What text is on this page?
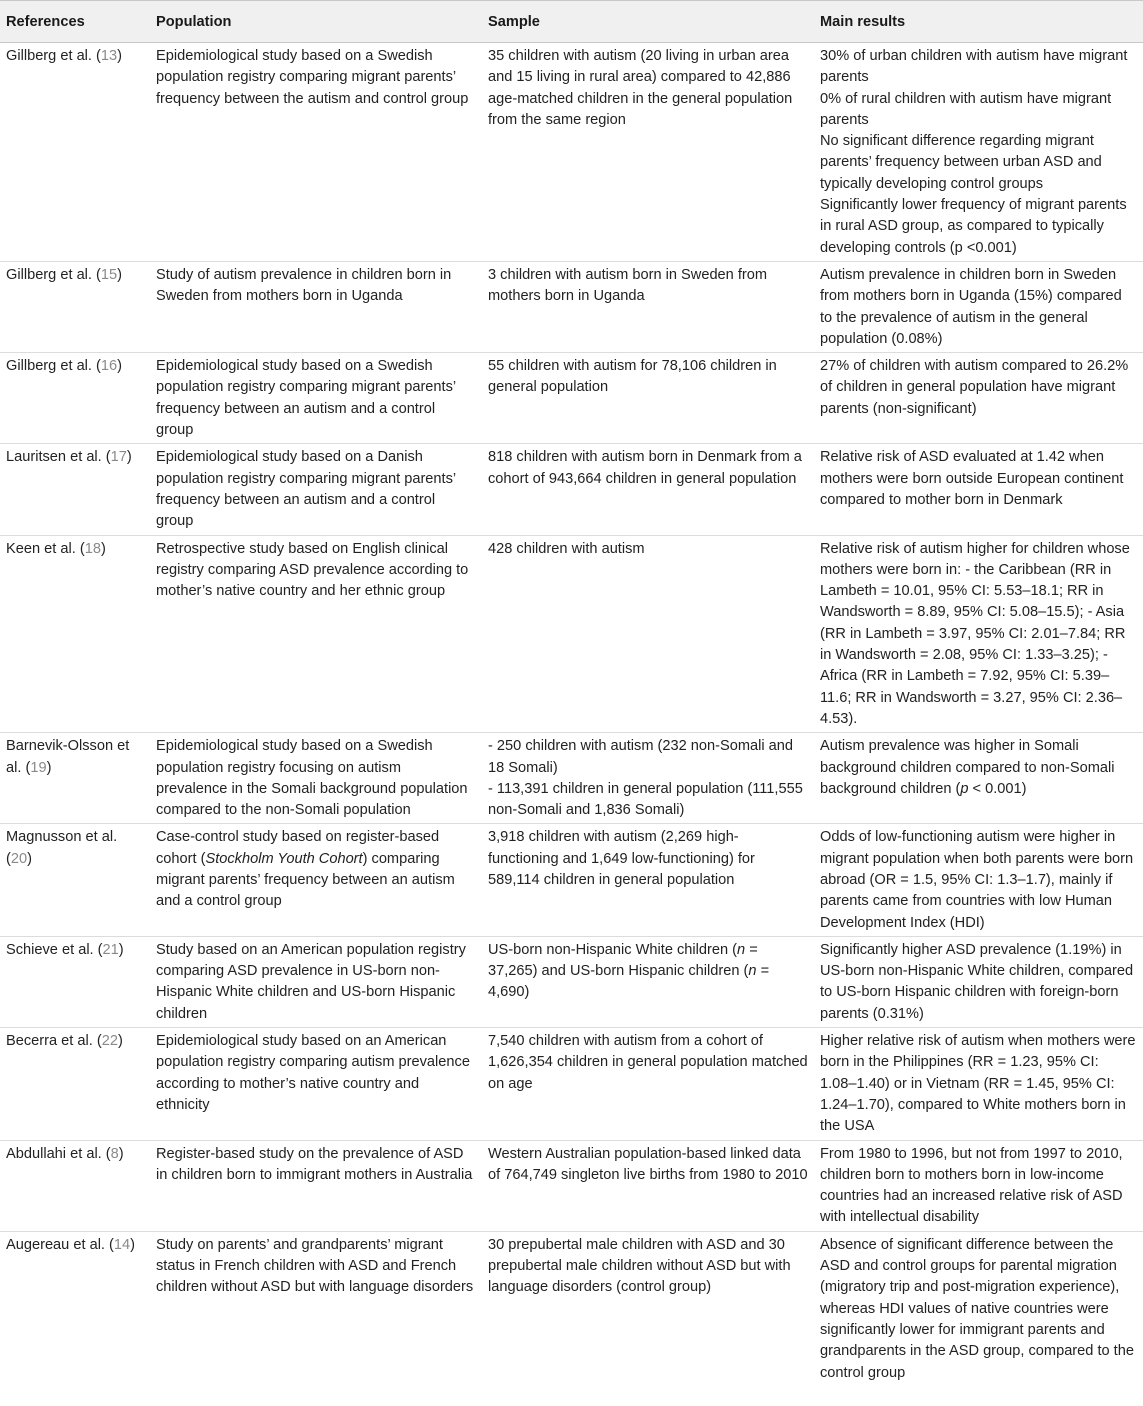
References	Population	Sample	Main results
Gillberg et al. (13)	Epidemiological study based on a Swedish population registry comparing migrant parents’ frequency between the autism and control group	35 children with autism (20 living in urban area and 15 living in rural area) compared to 42,886 age-matched children in the general population from the same region	30% of urban children with autism have migrant parents
0% of rural children with autism have migrant parents
No significant difference regarding migrant parents’ frequency between urban ASD and typically developing control groups
Significantly lower frequency of migrant parents in rural ASD group, as compared to typically developing controls (p <0.001)

Gillberg et al. (15)	Study of autism prevalence in children born in Sweden from mothers born in Uganda	3 children with autism born in Sweden from mothers born in Uganda	Autism prevalence in children born in Sweden from mothers born in Uganda (15%) compared to the prevalence of autism in the general population (0.08%)
Gillberg et al. (16)	Epidemiological study based on a Swedish population registry comparing migrant parents’ frequency between an autism and a control group	55 children with autism for 78,106 children in general population	27% of children with autism compared to 26.2% of children in general population have migrant parents (non-significant)
Lauritsen et al. (17)	Epidemiological study based on a Danish population registry comparing migrant parents’ frequency between an autism and a control group	818 children with autism born in Denmark from a cohort of 943,664 children in general population	Relative risk of ASD evaluated at 1.42 when mothers were born outside European continent compared to mother born in Denmark
Keen et al. (18)	Retrospective study based on English clinical registry comparing ASD prevalence according to mother’s native country and her ethnic group	428 children with autism	Relative risk of autism higher for children whose mothers were born in: - the Caribbean (RR in Lambeth = 10.01, 95% CI: 5.53–18.1; RR in Wandsworth = 8.89, 95% CI: 5.08–15.5); - Asia (RR in Lambeth = 3.97, 95% CI: 2.01–7.84; RR in Wandsworth = 2.08, 95% CI: 1.33–3.25); - Africa (RR in Lambeth = 7.92, 95% CI: 5.39–11.6; RR in Wandsworth = 3.27, 95% CI: 2.36–4.53).
Barnevik-Olsson et al. (19)	Epidemiological study based on a Swedish population registry focusing on autism prevalence in the Somali background population compared to the non-Somali population	- 250 children with autism (232 non-Somali and 18 Somali)
- 113,391 children in general population (111,555 non-Somali and 1,836 Somali)	Autism prevalence was higher in Somali background children compared to non-Somali background children (p < 0.001)
Magnusson et al. (20)	Case-control study based on register-based cohort (Stockholm Youth Cohort) comparing migrant parents’ frequency between an autism and a control group	3,918 children with autism (2,269 high-functioning and 1,649 low-functioning) for 589,114 children in general population	Odds of low-functioning autism were higher in migrant population when both parents were born abroad (OR = 1.5, 95% CI: 1.3–1.7), mainly if parents came from countries with low Human Development Index (HDI)
Schieve et al. (21)	Study based on an American population registry comparing ASD prevalence in US-born non-Hispanic White children and US-born Hispanic children	US-born non-Hispanic White children (n = 37,265) and US-born Hispanic children (n = 4,690)	Significantly higher ASD prevalence (1.19%) in US-born non-Hispanic White children, compared to US-born Hispanic children with foreign-born parents (0.31%)
Becerra et al. (22)	Epidemiological study based on an American population registry comparing autism prevalence according to mother’s native country and ethnicity	7,540 children with autism from a cohort of 1,626,354 children in general population matched on age	Higher relative risk of autism when mothers were born in the Philippines (RR = 1.23, 95% CI: 1.08–1.40) or in Vietnam (RR = 1.45, 95% CI: 1.24–1.70), compared to White mothers born in the USA
Abdullahi et al. (8)	Register-based study on the prevalence of ASD in children born to immigrant mothers in Australia	Western Australian population-based linked data of 764,749 singleton live births from 1980 to 2010	From 1980 to 1996, but not from 1997 to 2010, children born to mothers born in low-income countries had an increased relative risk of ASD with intellectual disability
Augereau et al. (14)	Study on parents’ and grandparents’ migrant status in French children with ASD and French children without ASD but with language disorders	30 prepubertal male children with ASD and 30 prepubertal male children without ASD but with language disorders (control group)	Absence of significant difference between the ASD and control groups for parental migration (migratory trip and post-migration experience), whereas HDI values of native countries were significantly lower for immigrant parents and grandparents in the ASD group, compared to the control group
